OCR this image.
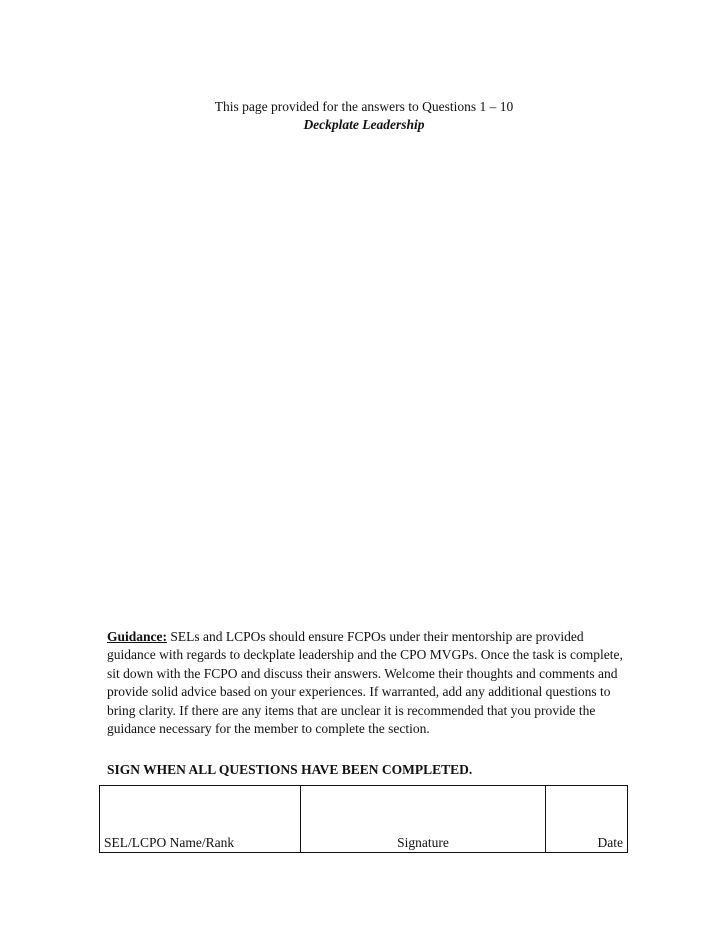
This page provided for the answers to Questions 1 – 10
Deckplate Leadership
Guidance: SELs and LCPOs should ensure FCPOs under their mentorship are provided guidance with regards to deckplate leadership and the CPO MVGPs. Once the task is complete, sit down with the FCPO and discuss their answers. Welcome their thoughts and comments and provide solid advice based on your experiences. If warranted, add any additional questions to bring clarity. If there are any items that are unclear it is recommended that you provide the guidance necessary for the member to complete the section.
SIGN WHEN ALL QUESTIONS HAVE BEEN COMPLETED.
SEL/LCPO Name/Rank	Signature	Date
